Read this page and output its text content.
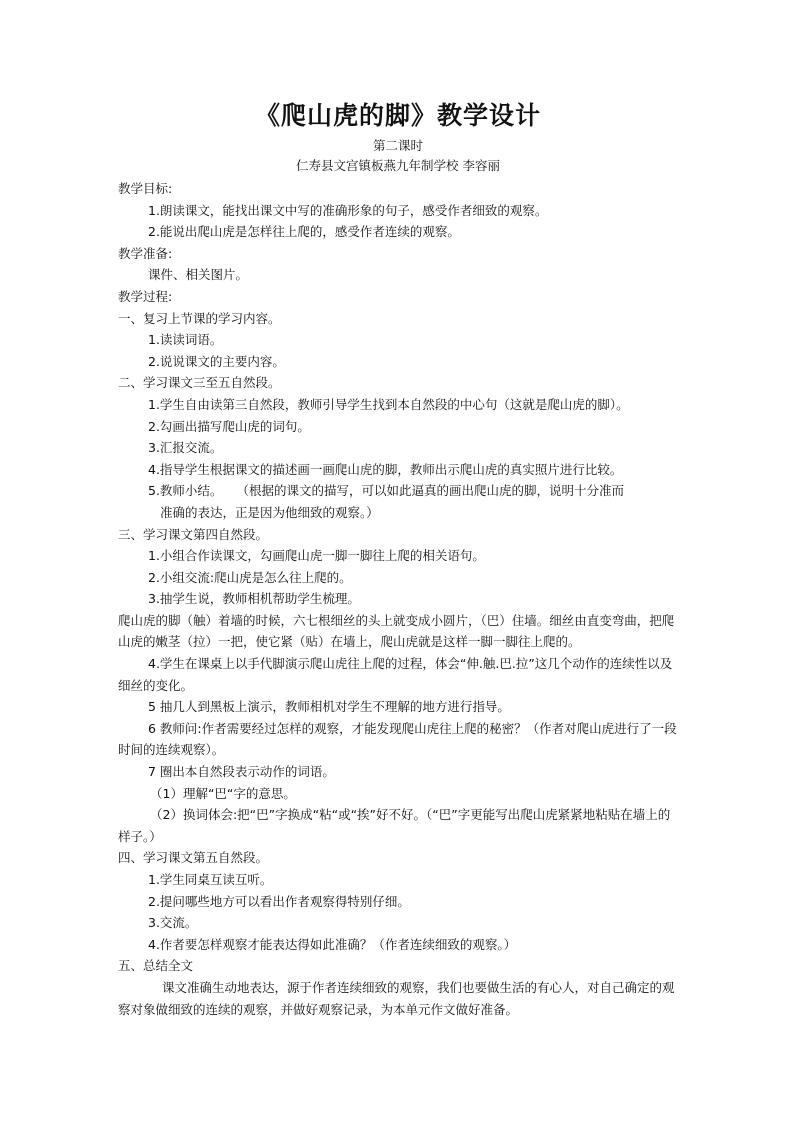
《爬山虎的脚》教学设计

第二课时

仁寿县文宫镇板燕九年制学校 李容丽

教学目标:

1.朗读课文，能找出课文中写的准确形象的句子，感受作者细致的观察。

2.能说出爬山虎是怎样往上爬的，感受作者连续的观察。

教学准备:

课件、相关图片。

教学过程:

一、复习上节课的学习内容。

1.读读词语。

2.说说课文的主要内容。

二、学习课文三至五自然段。

1.学生自由读第三自然段，教师引导学生找到本自然段的中心句（这就是爬山虎的脚）。

2.勾画出描写爬山虎的词句。

3.汇报交流。

4.指导学生根据课文的描述画一画爬山虎的脚，教师出示爬山虎的真实照片进行比较。

5.教师小结。 （根据的课文的描写，可以如此逼真的画出爬山虎的脚，说明十分准而
准确的表达，正是因为他细致的观察。）

三、学习课文第四自然段。

1.小组合作读课文，勾画爬山虎一脚一脚往上爬的相关语句。

2.小组交流:爬山虎是怎么往上爬的。

3.抽学生说，教师相机帮助学生梳理。

爬山虎的脚（触）着墙的时候，六七根细丝的头上就变成小圆片，（巴）住墙。细丝由直变弯曲，把爬山虎的嫩茎（拉）一把，使它紧（贴）在墙上，爬山虎就是这样一脚一脚往上爬的。

4.学生在课桌上以手代脚演示爬山虎往上爬的过程，体会“伸.触.巴.拉”这几个动作的连续性以及细丝的变化。

5 抽几人到黑板上演示，教师相机对学生不理解的地方进行指导。

6 教师问:作者需要经过怎样的观察，才能发现爬山虎往上爬的秘密？（作者对爬山虎进行了一段时间的连续观察）。

7 圈出本自然段表示动作的词语。

（1）理解“巴“字的意思。

（2）换词体会:把“巴”字换成“粘“或“挨”好不好。（“巴”字更能写出爬山虎紧紧地粘贴在墙上的样子。）

四、学习课文第五自然段。

1.学生同桌互读互听。

2.提问哪些地方可以看出作者观察得特别仔细。

3.交流。

4.作者要怎样观察才能表达得如此准确？（作者连续细致的观察。）

五、总结全文

课文准确生动地表达，源于作者连续细致的观察，我们也要做生活的有心人，对自己确定的观察对象做细致的连续的观察，并做好观察记录，为本单元作文做好准备。
